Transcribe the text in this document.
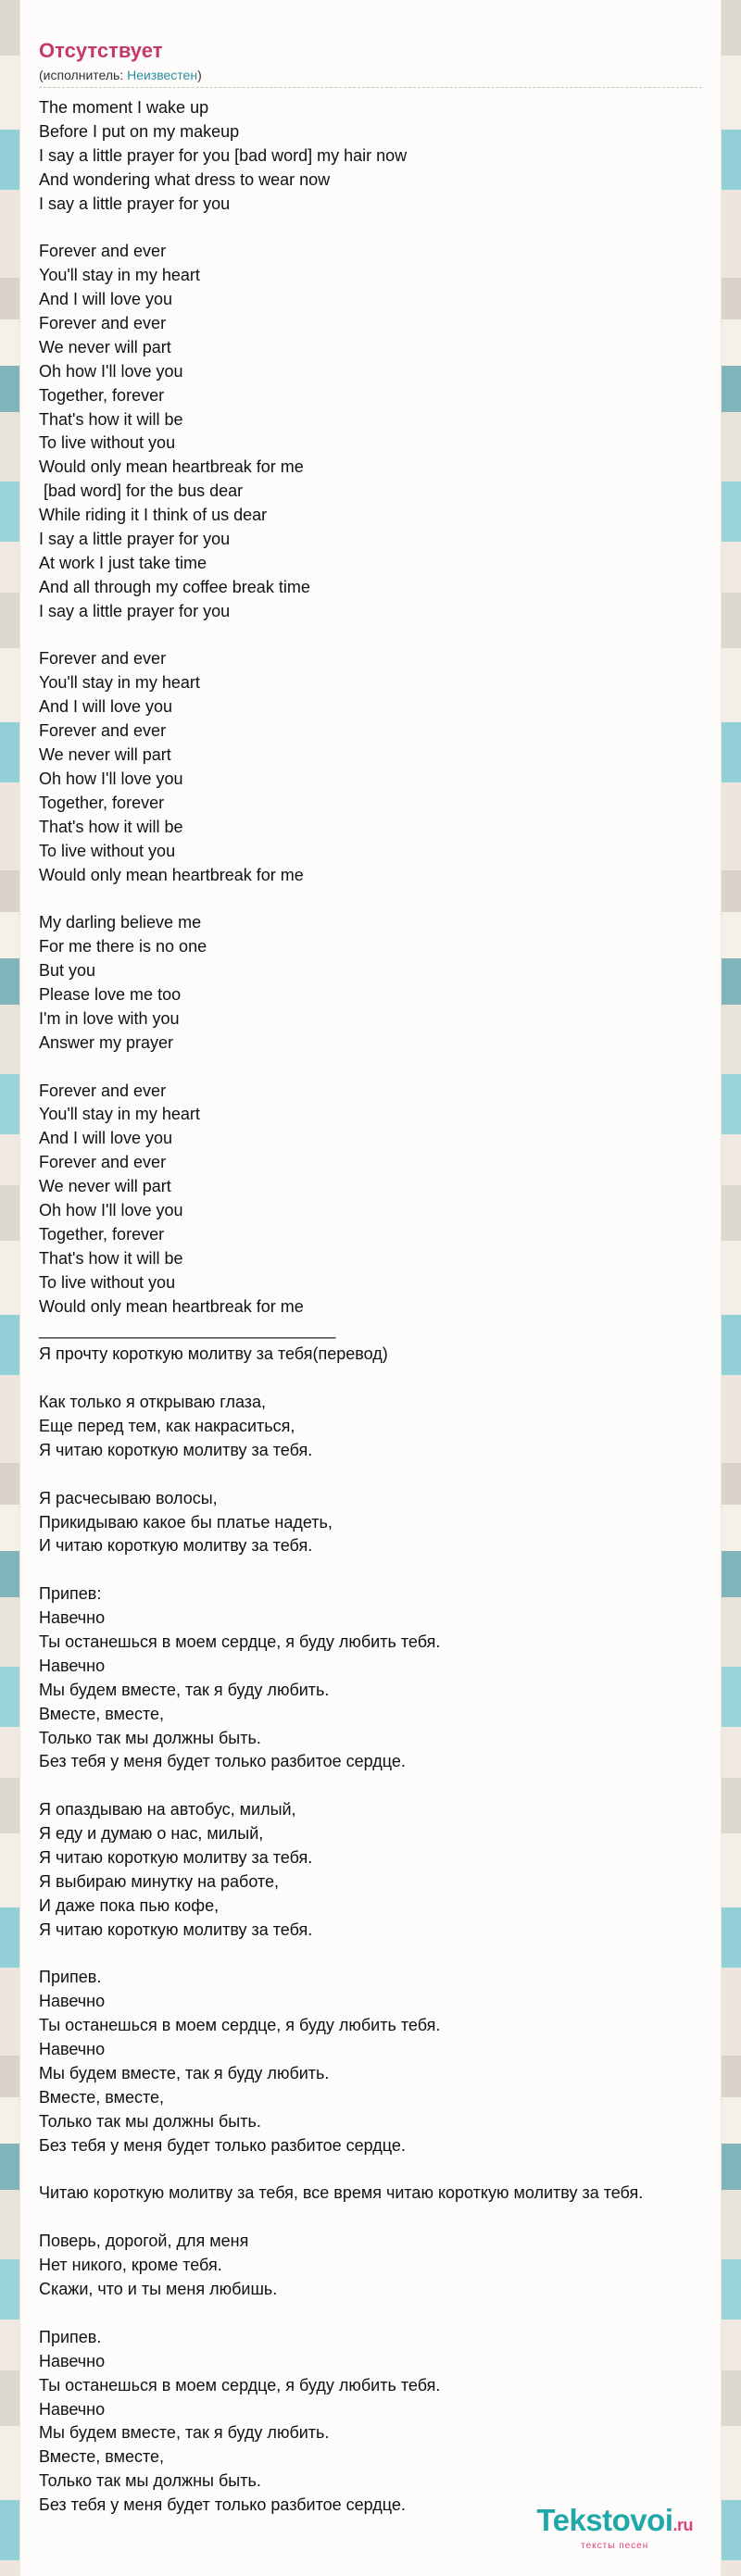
Отсутствует
(исполнитель: Неизвестен)
The moment I wake up
Before I put on my makeup
I say a little prayer for you [bad word] my hair now
And wondering what dress to wear now
I say a little prayer for you
Forever and ever
You'll stay in my heart
And I will love you
Forever and ever
We never will part
Oh how I'll love you
Together, forever
That's how it will be
To live without you
Would only mean heartbreak for me
[bad word] for the bus dear
While riding it I think of us dear
I say a little prayer for you
At work I just take time
And all through my coffee break time
I say a little prayer for you
Forever and ever
You'll stay in my heart
And I will love you
Forever and ever
We never will part
Oh how I'll love you
Together, forever
That's how it will be
To live without you
Would only mean heartbreak for me
My darling believe me
For me there is no one
But you
Please love me too
I'm in love with you
Answer my prayer
Forever and ever
You'll stay in my heart
And I will love you
Forever and ever
We never will part
Oh how I'll love you
Together, forever
That's how it will be
To live without you
Would only mean heartbreak for me
________________________________
Я прочту короткую молитву за тебя(перевод)
Как только я открываю глаза,
Еще перед тем, как накраситься,
Я читаю короткую молитву за тебя.
Я расчесываю волосы,
Прикидываю какое бы платье надеть,
И читаю короткую молитву за тебя.
Припев:
Навечно
Ты останешься в моем сердце, я буду любить тебя.
Навечно
Мы будем вместе, так я буду любить.
Вместе, вместе,
Только так мы должны быть.
Без тебя у меня будет только разбитое сердце.
Я опаздываю на автобус, милый,
Я еду и думаю о нас, милый,
Я читаю короткую молитву за тебя.
Я выбираю минутку на работе,
И даже пока пью кофе,
Я читаю короткую молитву за тебя.
Припев.
Навечно
Ты останешься в моем сердце, я буду любить тебя.
Навечно
Мы будем вместе, так я буду любить.
Вместе, вместе,
Только так мы должны быть.
Без тебя у меня будет только разбитое сердце.
Читаю короткую молитву за тебя, все время читаю короткую молитву за тебя.
Поверь, дорогой, для меня
Нет никого, кроме тебя.
Скажи, что и ты меня любишь.
Припев.
Навечно
Ты останешься в моем сердце, я буду любить тебя.
Навечно
Мы будем вместе, так я буду любить.
Вместе, вместе,
Только так мы должны быть.
Без тебя у меня будет только разбитое сердце.	Tekstovoi.ru
тексты песен
